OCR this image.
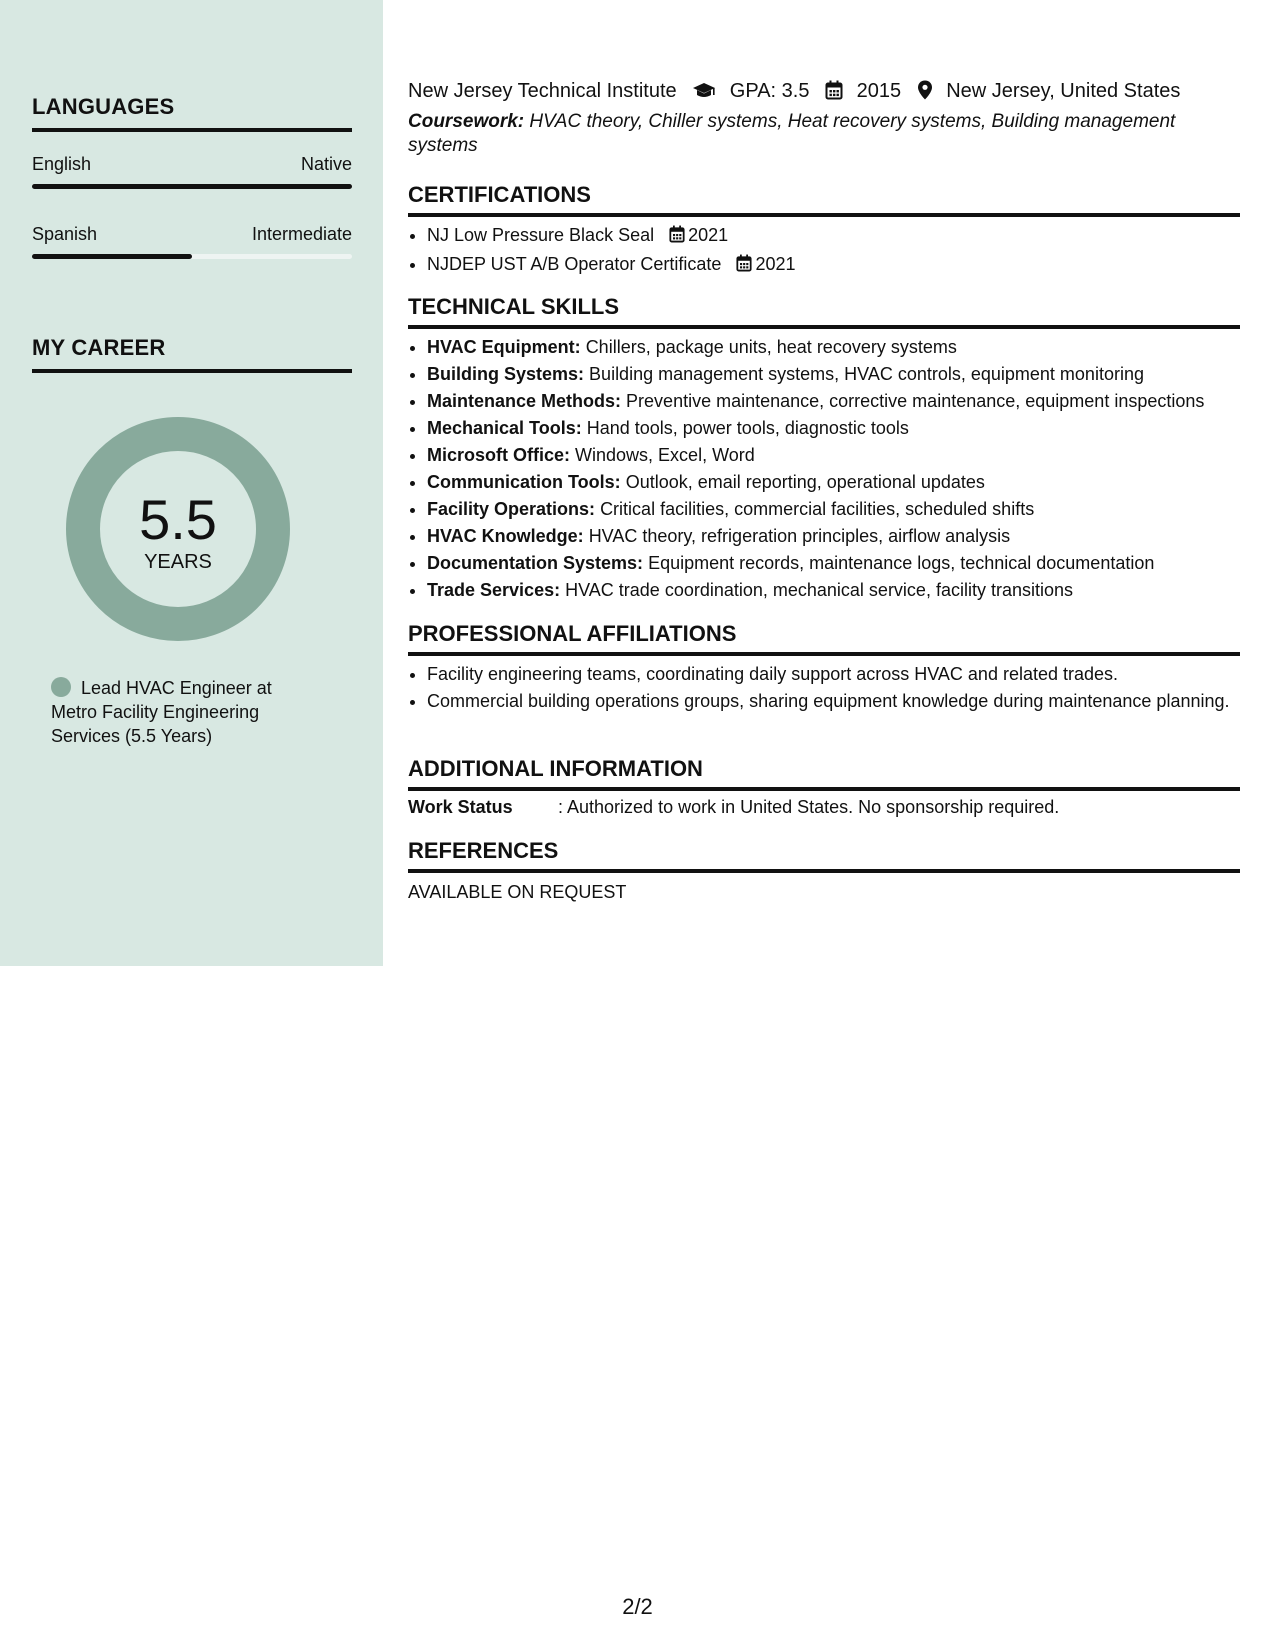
LANGUAGES
English	Native
Spanish	Intermediate
MY CAREER
5.5
YEARS
Lead HVAC Engineer at Metro Facility Engineering Services (5.5 Years)
New Jersey Technical Institute	GPA: 3.5 2015 New Jersey, United States
Coursework: HVAC theory, Chiller systems, Heat recovery systems, Building management systems
CERTIFICATIONS
• NJ Low Pressure Black Seal 2021
• NJDEP UST A/B Operator Certificate 2021
TECHNICAL SKILLS
• HVAC Equipment: Chillers, package units, heat recovery systems
• Building Systems: Building management systems, HVAC controls, equipment monitoring
• Maintenance Methods: Preventive maintenance, corrective maintenance, equipment inspections
• Mechanical Tools: Hand tools, power tools, diagnostic tools
• Microsoft Office: Windows, Excel, Word
• Communication Tools: Outlook, email reporting, operational updates
• Facility Operations: Critical facilities, commercial facilities, scheduled shifts
• HVAC Knowledge: HVAC theory, refrigeration principles, airflow analysis
• Documentation Systems: Equipment records, maintenance logs, technical documentation
• Trade Services: HVAC trade coordination, mechanical service, facility transitions
PROFESSIONAL AFFILIATIONS
• Facility engineering teams, coordinating daily support across HVAC and related trades.
• Commercial building operations groups, sharing equipment knowledge during maintenance planning.
ADDITIONAL INFORMATION
Work Status	: Authorized to work in United States. No sponsorship required.
REFERENCES
AVAILABLE ON REQUEST
2/2
